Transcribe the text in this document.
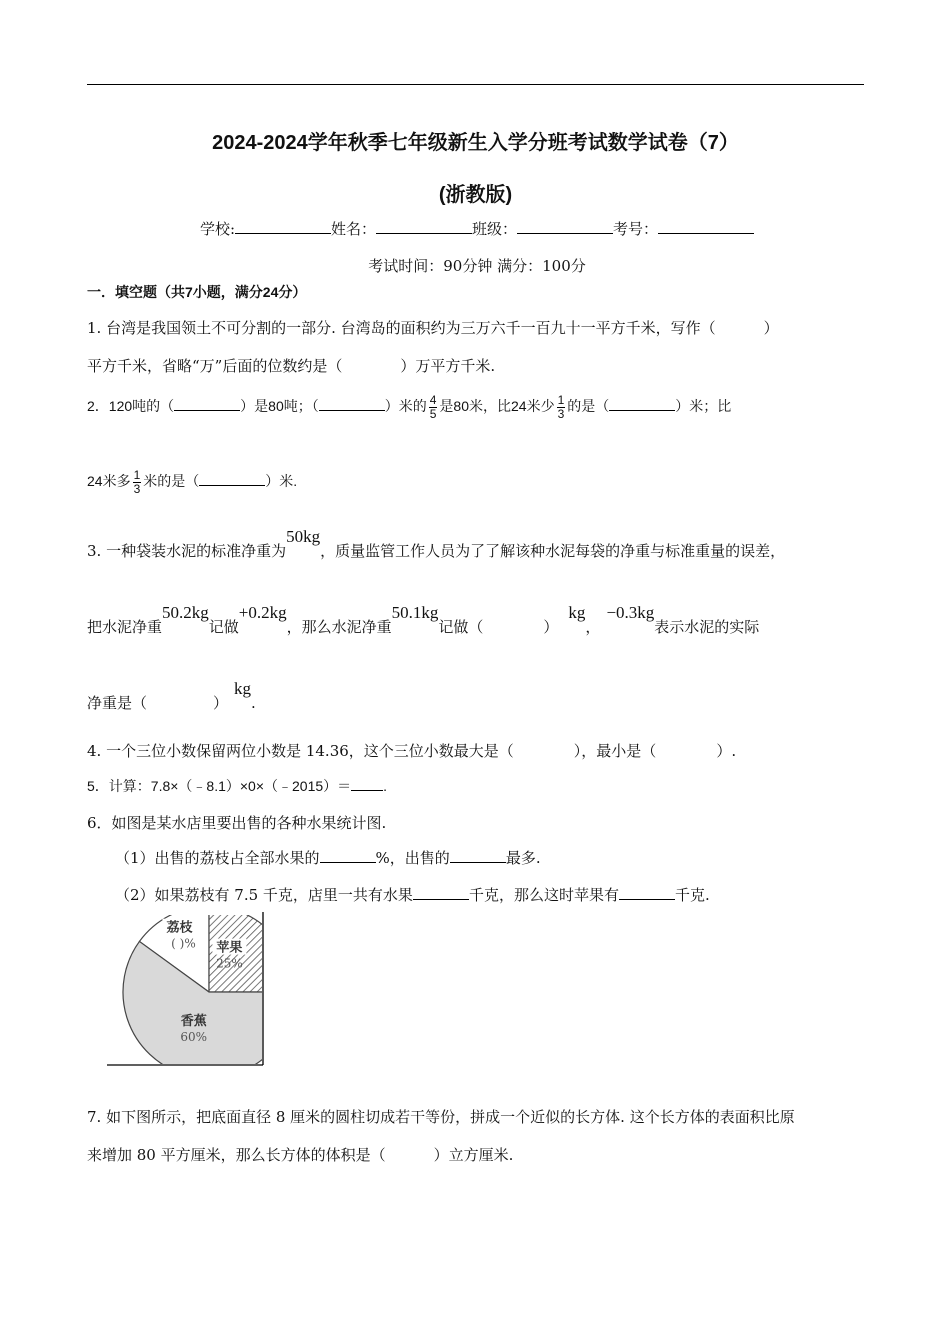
2024-2024学年秋季七年级新生入学分班考试数学试卷（7）
(浙教版)
学校:	姓名：	班级：	考号：
考试时间：90分钟 满分：100分
一．填空题（共7小题，满分24分）
1. 台湾是我国领土不可分割的一部分. 台湾岛的面积约为三万六千一百九十一平方千米，写作（	）
平方千米，省略“万”后面的位数约是（	）万平方千米.
2．120吨的（	）是80吨；（	）米的 $\frac{4}{5}$ 是80米，比24米少 $\frac{1}{3}$ 的是（	）米；比
24米多 $\frac{1}{3}$ 米的是（	）米.
3. 一种袋装水泥的标准净重为50kg，质量监管工作人员为了了解该种水泥每袋的净重与标准重量的误差，
把水泥净重50.2kg记做+0.2kg，那么水泥净重50.1kg记做（	）kg，−0.3kg表示水泥的实际
净重是（	）kg.
4. 一个三位小数保留两位小数是 14.36，这个三位小数最大是（	），最小是（	）.
5．计算：7.8×（﹣8.1）×0×（﹣2015）＝ .
6．如图是某水店里要出售的各种水果统计图.
（1）出售的荔枝占全部水果的	%，出售的	最多.
（2）如果荔枝有 7.5 千克，店里一共有水果	千克，那么这时苹果有	千克.
荔枝
( )% 苹果
25%
香蕉
60%
7. 如下图所示，把底面直径 8 厘米的圆柱切成若干等份，拼成一个近似的长方体. 这个长方体的表面积比原
来增加 80 平方厘米，那么长方体的体积是（	）立方厘米.
